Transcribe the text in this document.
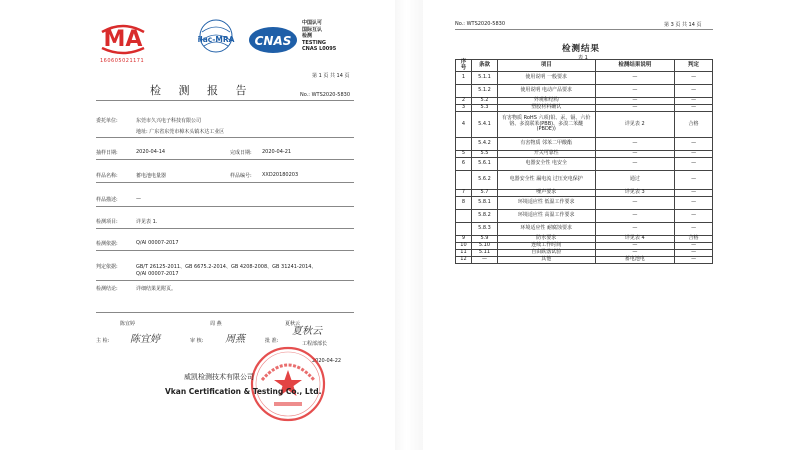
MA
160605021171
ilac-MRA CNAS
中国认可
国际互认
检测
TESTING
CNAS L0095
第 1 页 共 14 页
检 测 报 告	No.: WTS2020-5830
委托单位:	东莞市久兴电子科技有限公司
地址: 广东省东莞市樟木头镇木达工业区
抽样日期:	2020-04-14	完成日期: 2020-04-21
样品名称:	蓄电池电量器	样品编号: XXD20180203
样品描述:	—
检测项目:	详见表 1.
检测依据:	Q/AI 00007-2017
判定依据:	GB/T 26125-2011、GB 6675.2-2014、GB 4208-2008、GB 31241-2014、
Q/AI 00007-2017
检测结论:	详细结果见附页。
陈宜婷	周 燕	夏秋云
主 检: 陈宜婷	审 核: 周燕	批 准:
夏秋云
工程部部长
2020-04-22
威凯检测技术有限公司
Vkan Certification & Testing Co., Ltd.
No.: WTS2020-5830	第 3 页 共 14 页
检测结果
表 1
序号	条款	项目	检测结果说明	判定
1	5.1.1	使用说明 一般要求	—	—
	5.1.2	使用说明 电动产品要求	—	—
2	5.2	外观和结构	—	—
3	5.3	塑胶材料确认	—	—
4	5.4.1	有害物质 RoHS 六项(铅、汞、镉、六价铬、多溴联苯(PBB)、多溴二苯醚(PBDE))	详见表 2	合格
	5.4.2	有害物质 邻苯二甲酸酯	—	—
5	5.5	开关可靠性	—	—
6	5.6.1	电器安全性 电安全	—	—
	5.6.2	电器安全性 漏电流 过压充电保护	通过	—
7	5.7	噪声要求	详见表 3	—
8	5.8.1	环境适应性 低温工作要求	—	—
	5.8.2	环境适应性 高温工作要求	—	—
	5.8.3	环境适应性 耐腐蚀要求	—	—
9	5.9	防水要求	详见表 4	合格
10	5.10	连续工作时间	—	—
11	5.11	自由跌落试验	—	—
12	—	其他	蓄电池电	—
